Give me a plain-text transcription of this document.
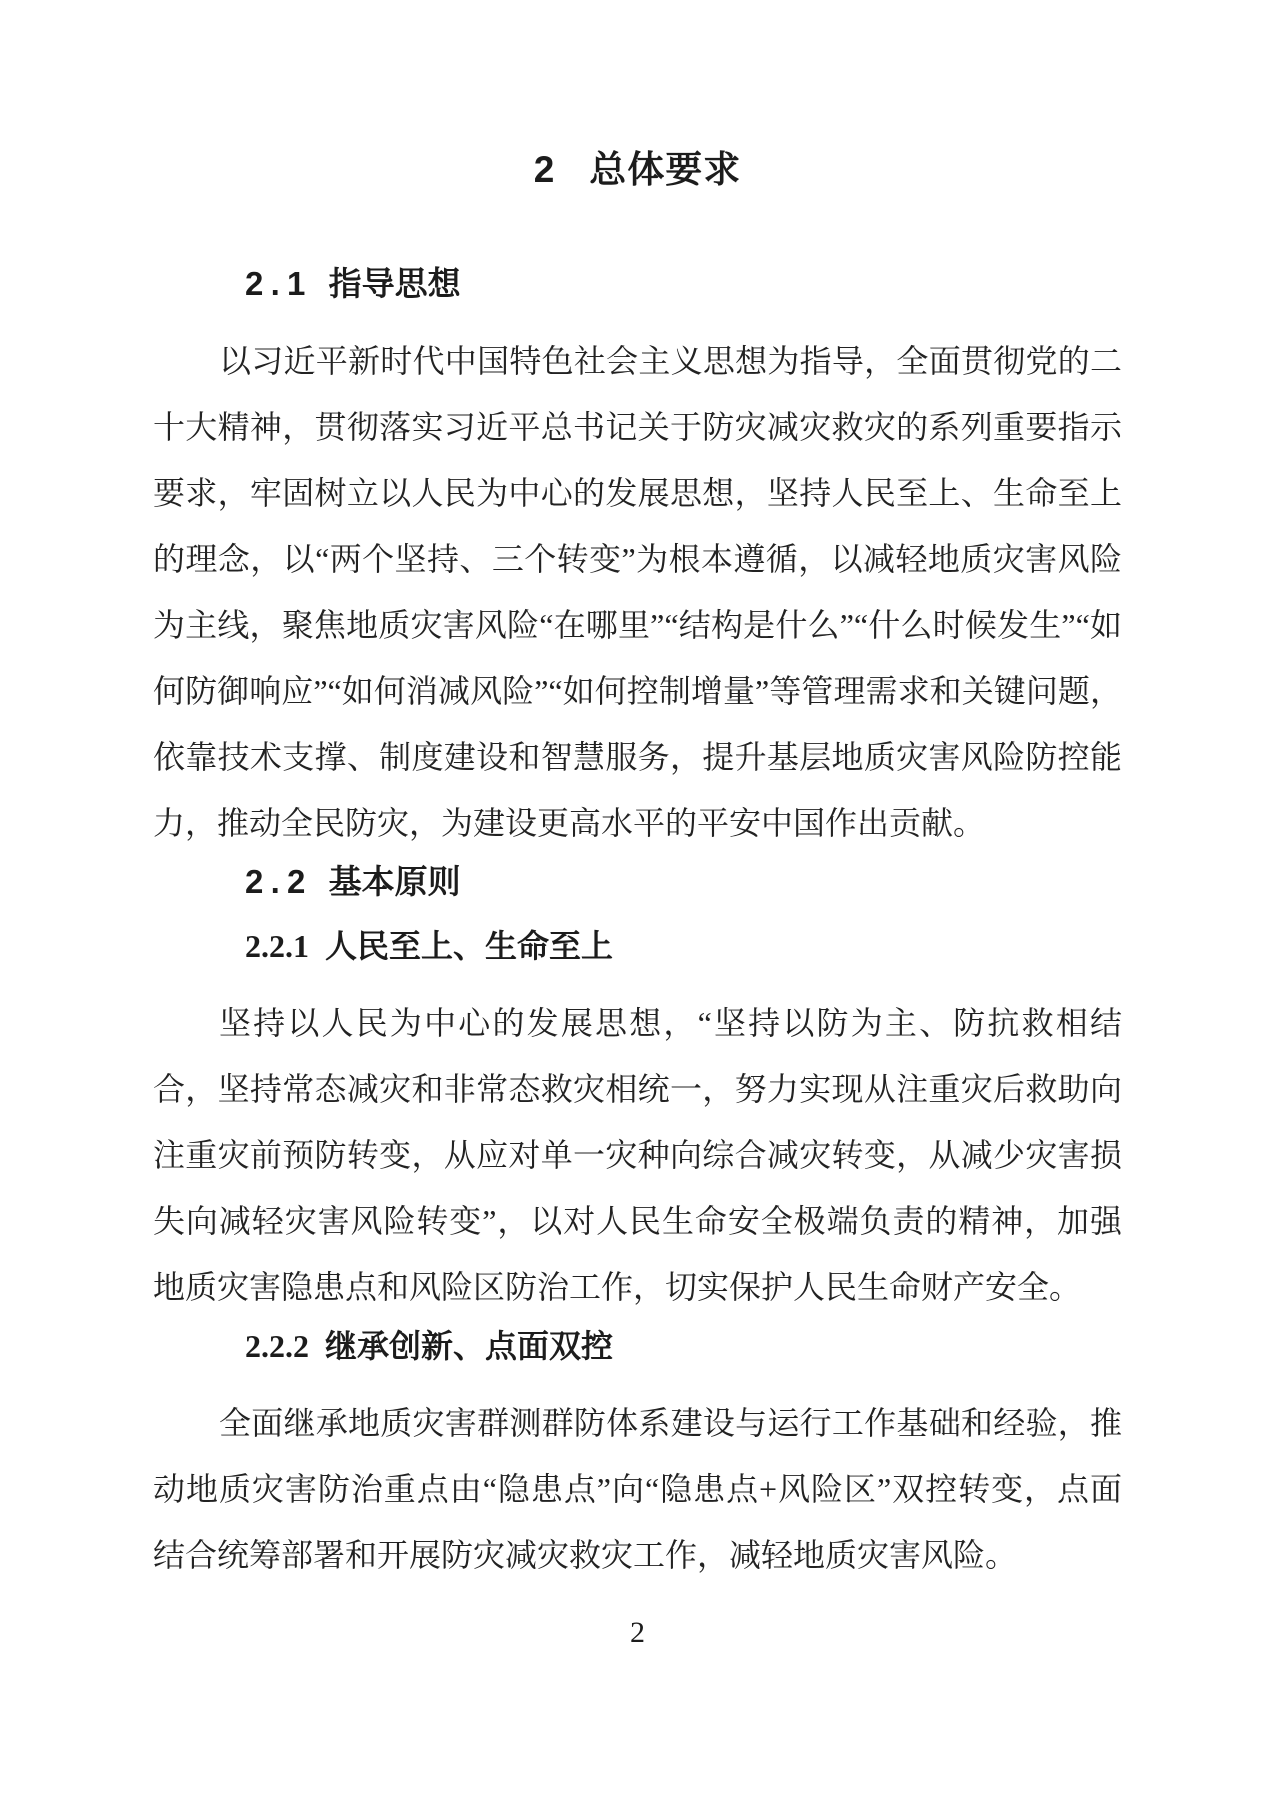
2 总体要求
2.1 指导思想

以习近平新时代中国特色社会主义思想为指导，全面贯彻党的二十大精神，贯彻落实习近平总书记关于防灾减灾救灾的系列重要指示要求，牢固树立以人民为中心的发展思想，坚持人民至上、生命至上的理念，以“两个坚持、三个转变”为根本遵循，以减轻地质灾害风险为主线，聚焦地质灾害风险“在哪里”“结构是什么”“什么时候发生”“如何防御响应”“如何消减风险”“如何控制增量”等管理需求和关键问题，依靠技术支撑、制度建设和智慧服务，提升基层地质灾害风险防控能力，推动全民防灾，为建设更高水平的平安中国作出贡献。

2.2 基本原则
2.2.1 人民至上、生命至上

坚持以人民为中心的发展思想，“坚持以防为主、防抗救相结合，坚持常态减灾和非常态救灾相统一，努力实现从注重灾后救助向注重灾前预防转变，从应对单一灾种向综合减灾转变，从减少灾害损失向减轻灾害风险转变”，以对人民生命安全极端负责的精神，加强地质灾害隐患点和风险区防治工作，切实保护人民生命财产安全。

2.2.2 继承创新、点面双控

全面继承地质灾害群测群防体系建设与运行工作基础和经验，推动地质灾害防治重点由“隐患点”向“隐患点+风险区”双控转变，点面结合统筹部署和开展防灾减灾救灾工作，减轻地质灾害风险。

2
